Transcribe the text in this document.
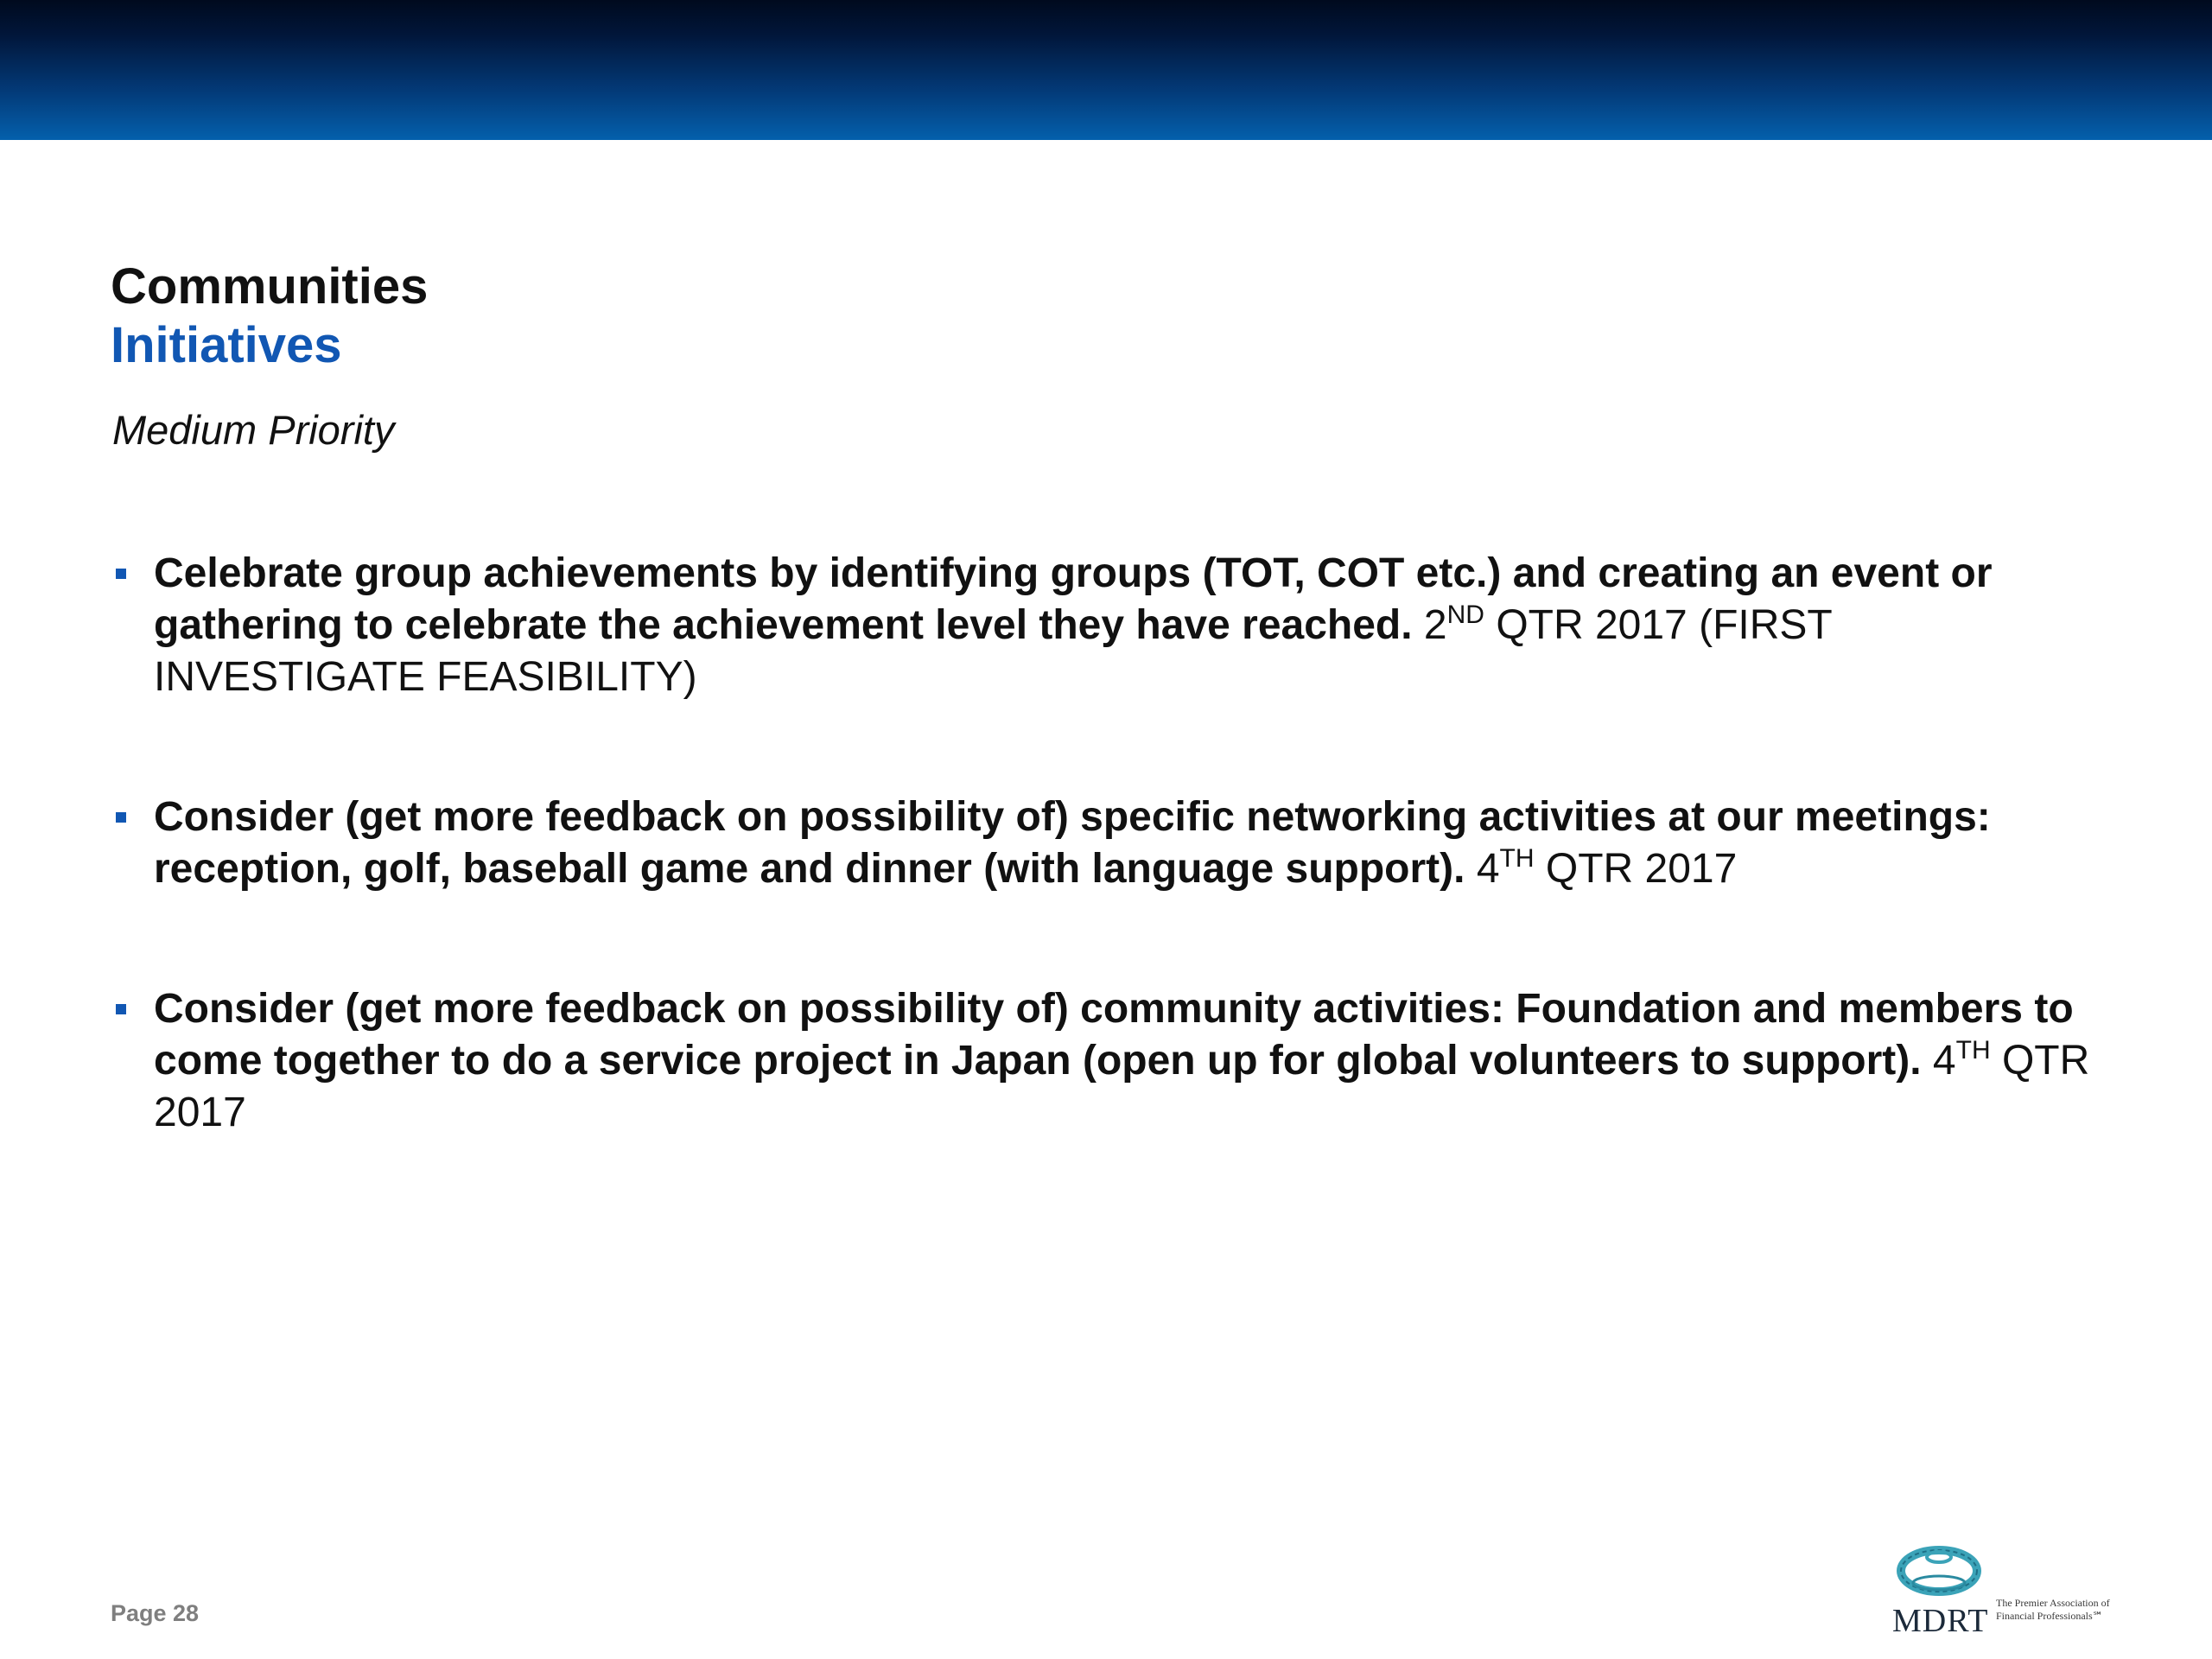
Communities
Initiatives
Medium Priority
Celebrate group achievements by identifying groups (TOT, COT etc.) and creating an event or gathering to celebrate the achievement level they have reached. 2ND QTR 2017 (FIRST INVESTIGATE FEASIBILITY)
Consider (get more feedback on possibility of) specific networking activities at our meetings: reception, golf, baseball game and dinner (with language support). 4TH QTR 2017
Consider (get more feedback on possibility of) community activities: Foundation and members to come together to do a service project in Japan (open up for global volunteers to support). 4TH QTR 2017
Page 28	MDRT The Premier Association of Financial Professionals℠
